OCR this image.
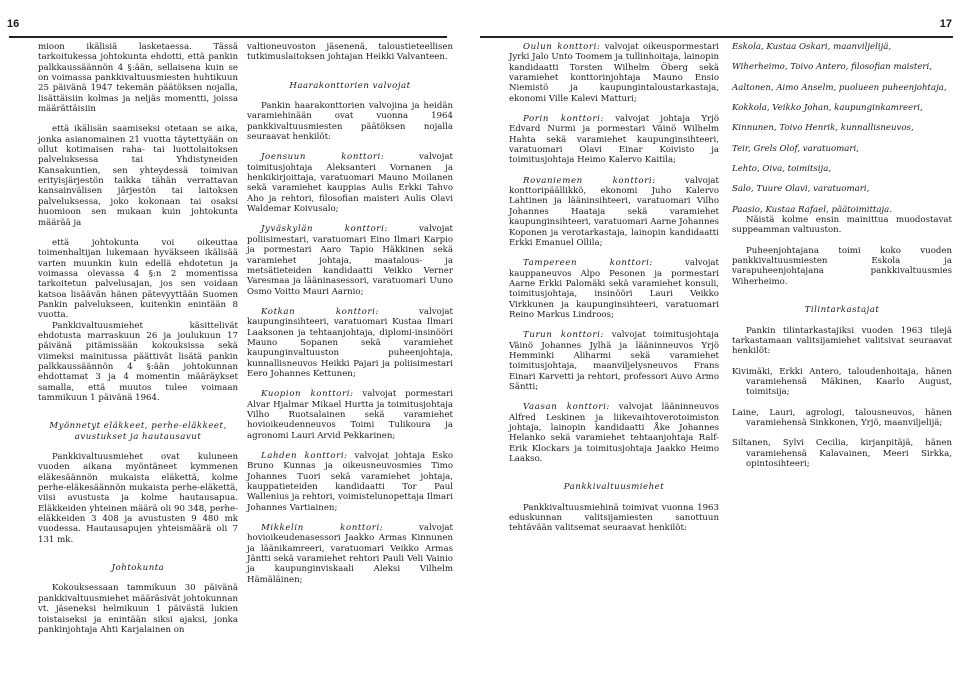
16	17

mioon ikälisiä lasketaessa. Tässä tarkoitukessa johtokunta ehdotti, että pankin palkkaussäännön 4 §:ään, sellaisena kuin se on voimassa pankkivaltuusmiesten huhtikuun 25 päivänä 1947 tekemän päätöksen nojalla, lisättäisiin kolmas ja neljäs momentti, joissa määrättäisiin

että ikälisän saamiseksi otetaan se aika, jonka asianomainen 21 vuotta täytettyään on ollut kotimaisen raha- tai luottolaitoksen palveluksessa tai Yhdistyneiden Kansakuntien, sen yhteydessä toimivan erityisjärjestön taikka tähän verrattavan kansainvälisen järjestön tai laitoksen palveluksessa, joko kokonaan tai osaksi huomioon sen mukaan kuin johtokunta määrää ja

että johtokunta voi oikeuttaa toimenhaltijan lukemaan hyväkseen ikälisää varten muunkin kuin edellä ehdotetun ja voimassa olevassa 4 §:n 2 momentissa tarkoitetun palvelusajan, jos sen voidaan katsoa lisäävän hänen pätevyyttään Suomen Pankin palvelukseen, kuitenkin enintään 8 vuotta.

Pankkivaltuusmiehet käsittelivät ehdotusta marraskuun 26 ja joulukuun 17 päivänä pitämissään kokouksissa sekä viimeksi mainitussa päättivät lisätä pankin palkkaussäännön 4 §:ään johtokunnan ehdottamat 3 ja 4 momentin määräykset samalla, että muutos tulee voimaan tammikuun 1 päivänä 1964.

Myönnetyt eläkkeet, perhe-eläkkeet, avustukset ja hautausavut

Pankkivaltuusmiehet ovat kuluneen vuoden aikana myöntäneet kymmenen eläkesäännön mukaista eläkettä, kolme perhe-eläkesäännön mukaista perhe-eläkettä, viisi avustusta ja kolme hautausapua. Eläkkeiden yhteinen määrä oli 90 348, perhe-eläkkeiden 3 408 ja avustusten 9 480 mk vuodessa. Hautausapujen yhteismäärä oli 7 131 mk.

Johtokunta

Kokouksessaan tammikuun 30 päivänä pankkivaltuusmiehet määräsivät johtokunnan vt. jäseneksi helmikuun 1 päivästä lukien toistaiseksi ja enintään siksi ajaksi, jonka pankinjohtaja Ahti Karjalainen on

valtioneuvoston jäsenenä, taloustieteellisen tutkimuslaitoksen johtajan Heikki Valvanteen.

Haarakonttorien valvojat

Pankin haarakonttorien valvojina ja heidän varamiehinään ovat vuonna 1964 pankkivaltuusmiesten päätöksen nojalla seuraavat henkilöt:

Joensuun konttori:	valvojat toimitusjohtaja Aleksanteri Vornanen ja henkikirjoittaja, varatuomari Mauno Moilanen sekä varamiehet kauppias Aulis Erkki Tahvo Aho ja rehtori, filosofian maisteri Aulis Olavi Waldemar Koivusalo;

Jyväskylän konttori:	valvojat poliisimestari, varatuomari Eino Ilmari Karpio ja pormestari Aaro Tapio Häkkinen sekä varamiehet johtaja, maatalous- ja metsätieteiden kandidaatti Veikko Verner Varesmaa ja lääninasessori, varatuomari Uuno Osmo Voitto Mauri Aarnio;

Kotkan konttori:	valvojat kaupunginsihteeri, varatuomari Kustaa Ilmari Laaksonen ja tehtaanjohtaja, diplomi-insinööri Mauno Sopanen sekä varamiehet kaupunginvaltuuston puheenjohtaja, kunnallisneuvos Heikki Pajari ja poliisimestari Eero Johannes Kettunen;

Kuopion konttori: valvojat pormestari Alvar Hjalmar Mikael Hurtta ja toimitusjohtaja Vilho Ruotsalainen sekä varamiehet hovioikeudenneuvos Toimi Tulikoura ja agronomi Lauri Arvid Pekkarinen;

Lahden konttori: valvojat johtaja Esko Bruno Kunnas ja oikeusneuvosmies Timo Johannes Tuori sekä varamiehet johtaja, kauppatieteiden kandidaatti Tor Paul Wallenius ja rehtori, voimistelunopettaja Ilmari Johannes Vartiainen;

Mikkelin konttori:	valvojat hovioikeudenasessori Jaakko Armas Kinnunen ja läänikamreeri, varatuomari Veikko Armas Jäntti sekä varamiehet rehtori Pauli Veli Vainio ja kaupunginviskaali Aleksi Vilhelm Hämäläinen;

Oulun konttori: valvojat oikeuspormestari Jyrki Jalo Unto Toomem ja tullinhoitaja, lainopin kandidaatti Torsten Wilhelm Öberg sekä varamiehet konttorinjohtaja Mauno Ensio Niemistö ja kaupungintaloustarkastaja, ekonomi Ville Kalevi Matturi;

Porin konttori: valvojat johtaja Yrjö Edvard Nurmi ja pormestari Väinö Wilhelm Hahta sekä varamiehet kaupunginsihteeri, varatuomari Olavi Einar Koivisto ja toimitusjohtaja Heimo Kalervo Kaitila;

Rovaniemen konttori:	valvojat konttoripäällikkö, ekonomi Juho Kalervo Lahtinen ja lääninsihteeri, varatuomari Vilho Johannes Haataja sekä varamiehet kaupunginsihteeri, varatuomari Aarne Johannes Koponen ja verotarkastaja, lainopin kandidaatti Erkki Emanuel Ollila;

Tampereen konttori:	valvojat kauppaneuvos Alpo Pesonen ja pormestari Aarne Erkki Palomäki sekä varamiehet konsuli, toimitusjohtaja, insinööri Lauri Veikko Virkkunen ja kaupunginsihteeri, varatuomari Reino Markus Lindroos;

Turun konttori: valvojat toimitusjohtaja Väinö Johannes Jylhä ja lääninneuvos Yrjö Hemminki Aliharmi sekä varamiehet toimitusjohtaja, maanviljelysneuvos Frans Einari Karvetti ja rehtori, professori Auvo Armo Säntti;

Vaasan konttori: valvojat lääninneuvos Alfred Leskinen ja liikevaihtoverotoimiston johtaja, lainopin kandidaatti Åke Johannes Helanko sekä varamiehet tehtaanjohtaja Ralf-Erik Klockars ja toimitusjohtaja Jaakko Heimo Laakso.

Pankkivaltuusmiehet

Pankkivaltuusmiehinä toimivat vuonna 1963 eduskunnan valitsijamiesten sanottuun tehtävään valitsemat seuraavat henkilöt:

Eskola, Kustaa Oskari, maanviljelijä,

Wiherheimo, Toivo Antero, filosofian maisteri,

Aaltonen, Aimo Anselm, puolueen puheenjohtaja,

Kokkola, Veikko Johan, kaupunginkamreeri,

Kinnunen, Toivo Henrik, kunnallisneuvos,

Teir, Grels Olof, varatuomari,

Lehto, Oiva, toimitsija,

Salo, Tuure Olavi, varatuomari,

Paasio, Kustaa Rafael, päätoimittaja.

Näistä kolme ensin mainittua muodostavat suppeamman valtuuston.

Puheenjohtajana toimi koko vuoden pankkivaltuusmiesten Eskola ja varapuheenjohtajana pankkivaltuusmies Wiherheimo.

Tilintarkastajat

Pankin tilintarkastajiksi vuoden 1963 tilejä tarkastamaan valitsijamiehet valitsivat seuraavat henkilöt:

Kivimäki, Erkki Antero, taloudenhoitaja, hänen varamiehensä Mäkinen, Kaarlo August, toimitsija;

Laine, Lauri, agrologi, talousneuvos, hänen varamiehensä Sinkkonen, Yrjö, maanviljelijä;

Siltanen, Sylvi Cecilia, kirjanpitäjä, hänen varamiehensä Kalavainen, Meeri Sirkka, opintosihteeri;
